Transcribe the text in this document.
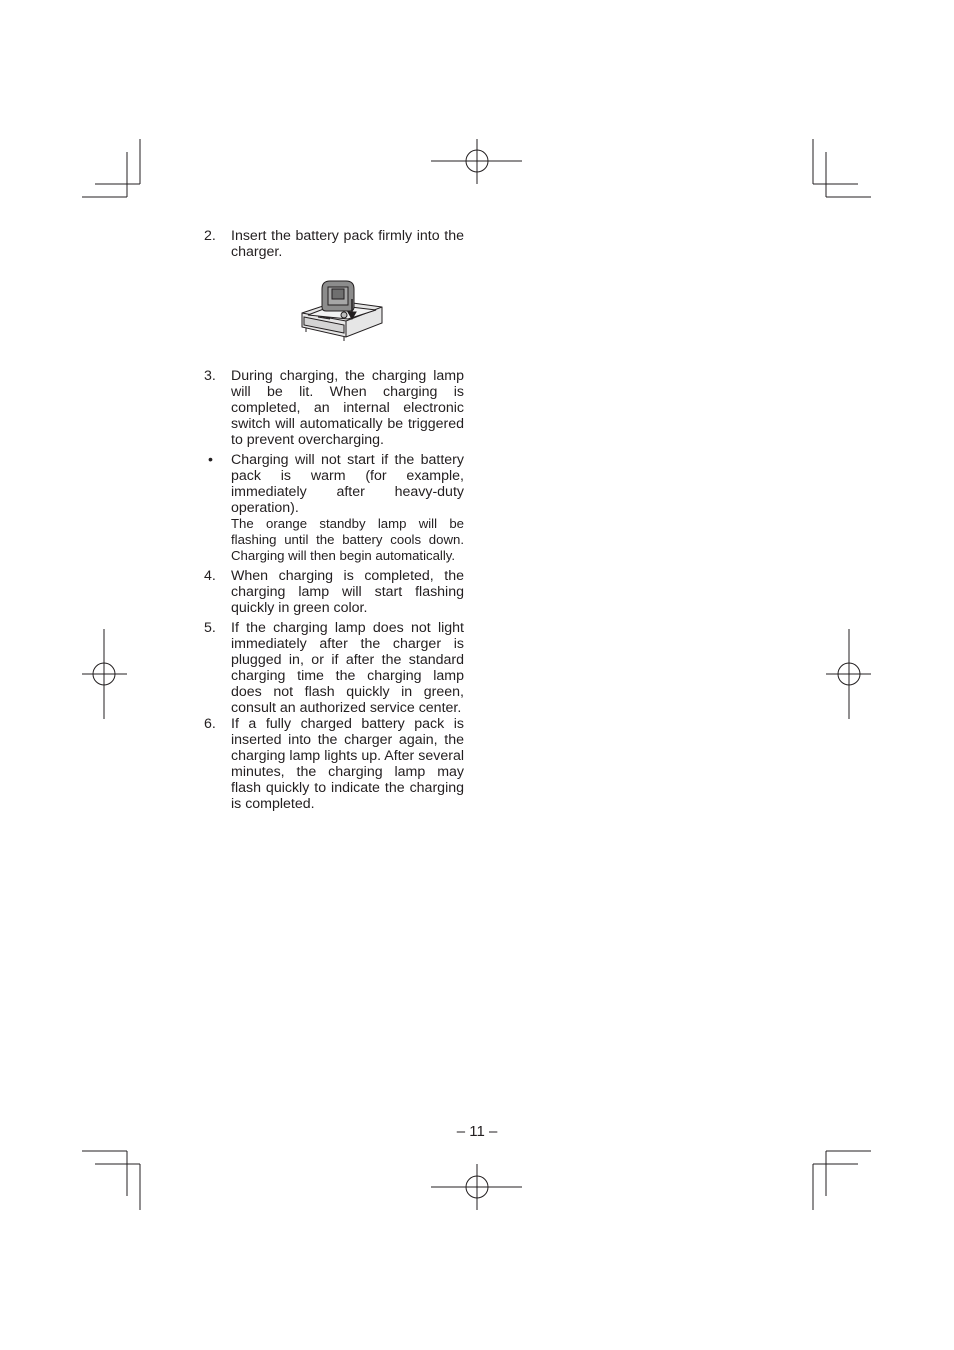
2. Insert the battery pack firmly into the charger.
3. During charging, the charging lamp will be lit. When charging is completed, an internal electronic switch will automatically be triggered to prevent overcharging.
• Charging will not start if the battery pack is warm (for example, immediately after heavy-duty operation).
The orange standby lamp will be flashing until the battery cools down. Charging will then begin automatically.
4. When charging is completed, the charging lamp will start flashing quickly in green color.
5. If the charging lamp does not light immediately after the charger is plugged in, or if after the standard charging time the charging lamp does not flash quickly in green, consult an authorized service center.
6. If a fully charged battery pack is inserted into the charger again, the charging lamp lights up. After several minutes, the charging lamp may flash quickly to indicate the charging is completed.
– 11 –
